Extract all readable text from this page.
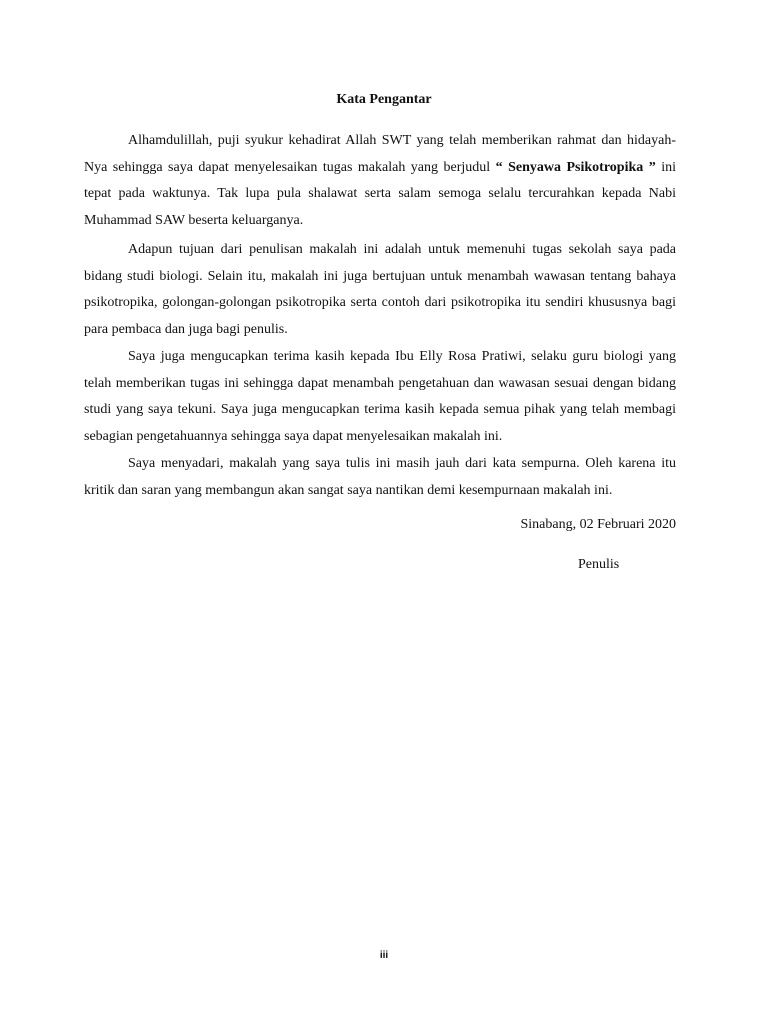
Kata Pengantar

Alhamdulillah, puji syukur kehadirat Allah SWT yang telah memberikan rahmat dan hidayah-Nya sehingga saya dapat menyelesaikan tugas makalah yang berjudul “ Senyawa Psikotropika ” ini tepat pada waktunya. Tak lupa pula shalawat serta salam semoga selalu tercurahkan kepada Nabi Muhammad SAW beserta keluarganya.

Adapun tujuan dari penulisan makalah ini adalah untuk memenuhi tugas sekolah saya pada bidang studi biologi. Selain itu, makalah ini juga bertujuan untuk menambah wawasan tentang bahaya psikotropika, golongan-golongan psikotropika serta contoh dari psikotropika itu sendiri khususnya bagi para pembaca dan juga bagi penulis.

Saya juga mengucapkan terima kasih kepada Ibu Elly Rosa Pratiwi, selaku guru biologi yang telah memberikan tugas ini sehingga dapat menambah pengetahuan dan wawasan sesuai dengan bidang studi yang saya tekuni. Saya juga mengucapkan terima kasih kepada semua pihak yang telah membagi sebagian pengetahuannya sehingga saya dapat menyelesaikan makalah ini.

Saya menyadari, makalah yang saya tulis ini masih jauh dari kata sempurna. Oleh karena itu kritik dan saran yang membangun akan sangat saya nantikan demi kesempurnaan makalah ini.

Sinabang, 02 Februari 2020
Penulis
iii
